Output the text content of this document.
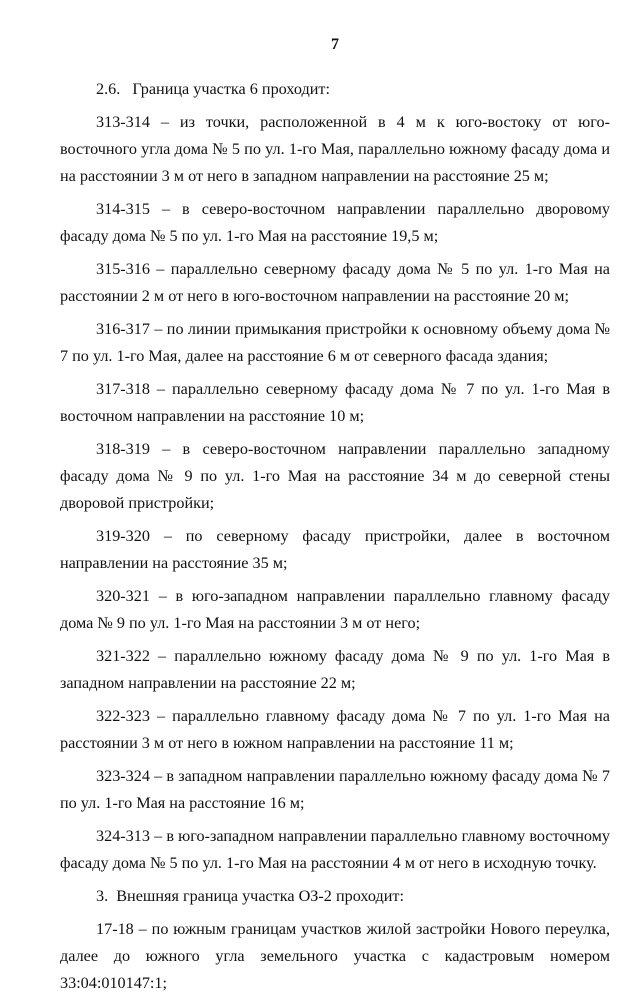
7

2.6.   Граница участка 6 проходит:

313-314 – из точки, расположенной в 4 м к юго-востоку от юго-восточного угла дома № 5 по ул. 1-го Мая, параллельно южному фасаду дома и на расстоянии 3 м от него в западном направлении на расстояние 25 м;

314-315 – в северо-восточном направлении параллельно дворовому фасаду дома № 5 по ул. 1-го Мая на расстояние 19,5 м;

315-316 – параллельно северному фасаду дома № 5 по ул. 1-го Мая на расстоянии 2 м от него в юго-восточном направлении на расстояние 20 м;

316-317 – по линии примыкания пристройки к основному объему дома № 7 по ул. 1-го Мая, далее на расстояние 6 м от северного фасада здания;

317-318 – параллельно северному фасаду дома № 7 по ул. 1-го Мая в восточном направлении на расстояние 10 м;

318-319 – в северо-восточном направлении параллельно западному фасаду дома № 9 по ул. 1-го Мая на расстояние 34 м до северной стены дворовой пристройки;

319-320 – по северному фасаду пристройки, далее в восточном направлении на расстояние 35 м;

320-321 – в юго-западном направлении параллельно главному фасаду дома № 9 по ул. 1-го Мая на расстоянии 3 м от него;

321-322 – параллельно южному фасаду дома № 9 по ул. 1-го Мая в западном направлении на расстояние 22 м;

322-323 – параллельно главному фасаду дома № 7 по ул. 1-го Мая на расстоянии 3 м от него в южном направлении на расстояние 11 м;

323-324 – в западном направлении параллельно южному фасаду дома № 7 по ул. 1-го Мая на расстояние 16 м;

324-313 – в юго-западном направлении параллельно главному восточному фасаду дома № 5 по ул. 1-го Мая на расстоянии 4 м от него в исходную точку.

3.  Внешняя граница участка ОЗ-2 проходит:

17-18 – по южным границам участков жилой застройки Нового переулка, далее до южного угла земельного участка с кадастровым номером 33:04:010147:1;
